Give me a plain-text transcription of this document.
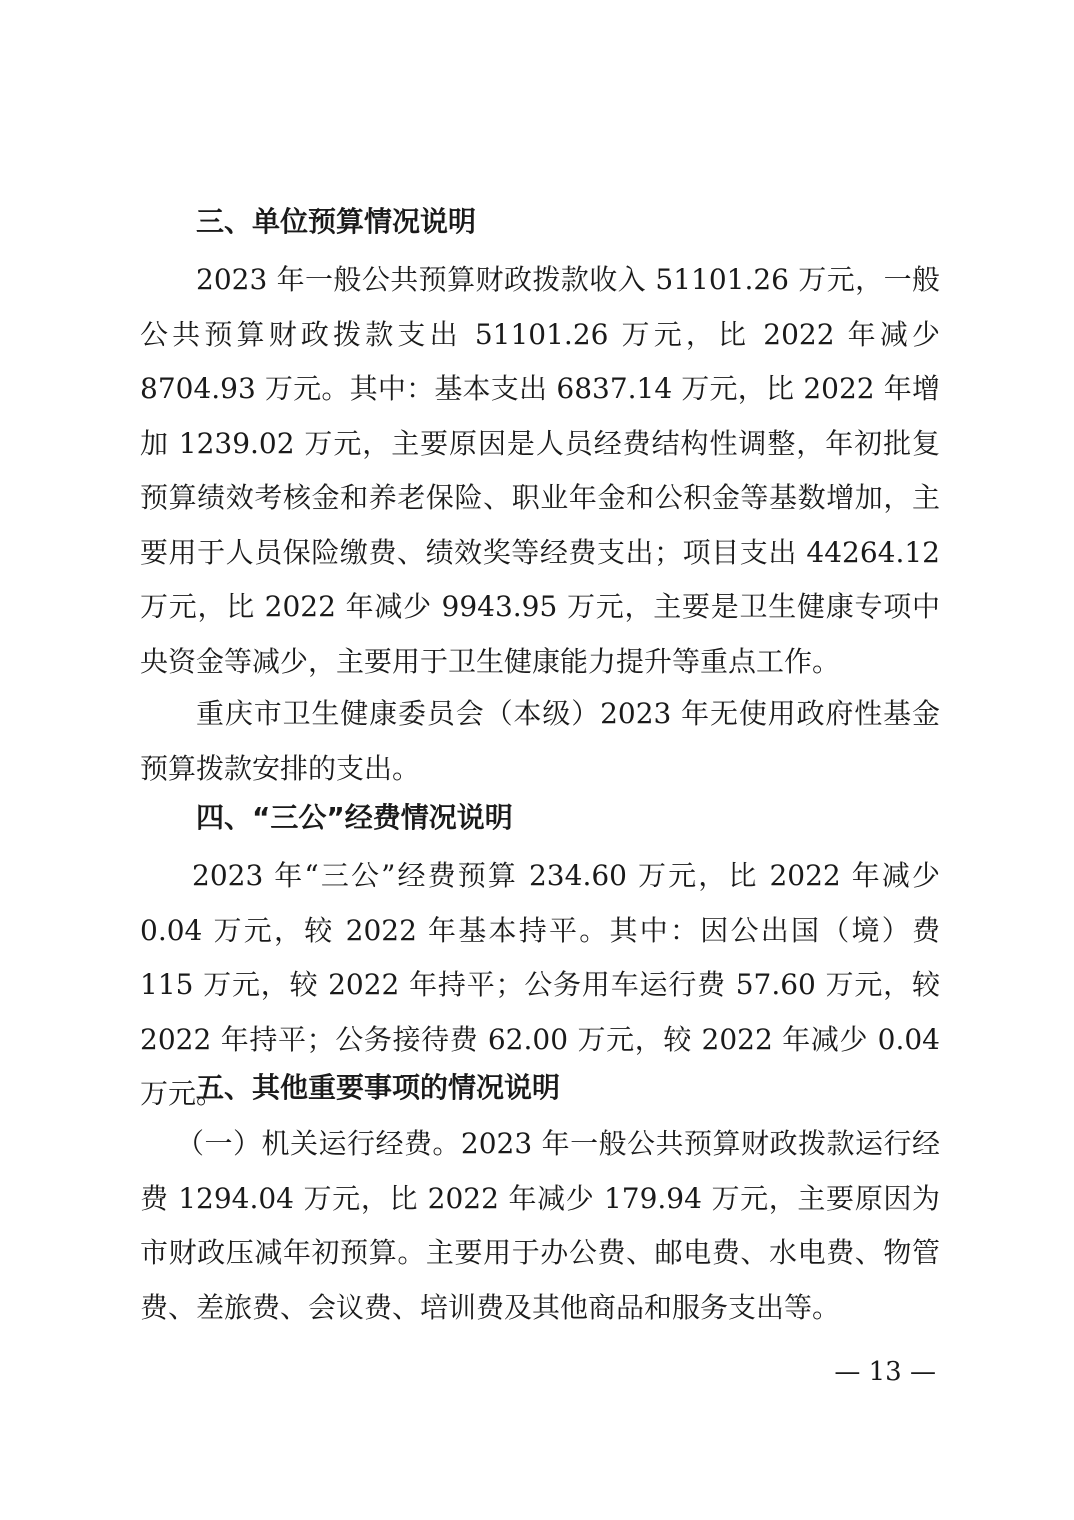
三、单位预算情况说明

2023 年一般公共预算财政拨款收入 51101.26 万元，一般公共预算财政拨款支出 51101.26 万元，比 2022 年减少 8704.93 万元。其中：基本支出 6837.14 万元，比 2022 年增加 1239.02 万元，主要原因是人员经费结构性调整，年初批复预算绩效考核金和养老保险、职业年金和公积金等基数增加，主要用于人员保险缴费、绩效奖等经费支出；项目支出 44264.12 万元，比 2022 年减少 9943.95 万元，主要是卫生健康专项中央资金等减少，主要用于卫生健康能力提升等重点工作。

重庆市卫生健康委员会（本级）2023 年无使用政府性基金预算拨款安排的支出。

四、“三公”经费情况说明

2023 年“三公”经费预算 234.60 万元，比 2022 年减少 0.04 万元，较 2022 年基本持平。其中：因公出国（境）费 115 万元，较 2022 年持平；公务用车运行费 57.60 万元，较 2022 年持平；公务接待费 62.00 万元，较 2022 年减少 0.04 万元。

五、其他重要事项的情况说明

（一）机关运行经费。2023 年一般公共预算财政拨款运行经费 1294.04 万元，比 2022 年减少 179.94 万元，主要原因为市财政压减年初预算。主要用于办公费、邮电费、水电费、物管费、差旅费、会议费、培训费及其他商品和服务支出等。

— 13 —
